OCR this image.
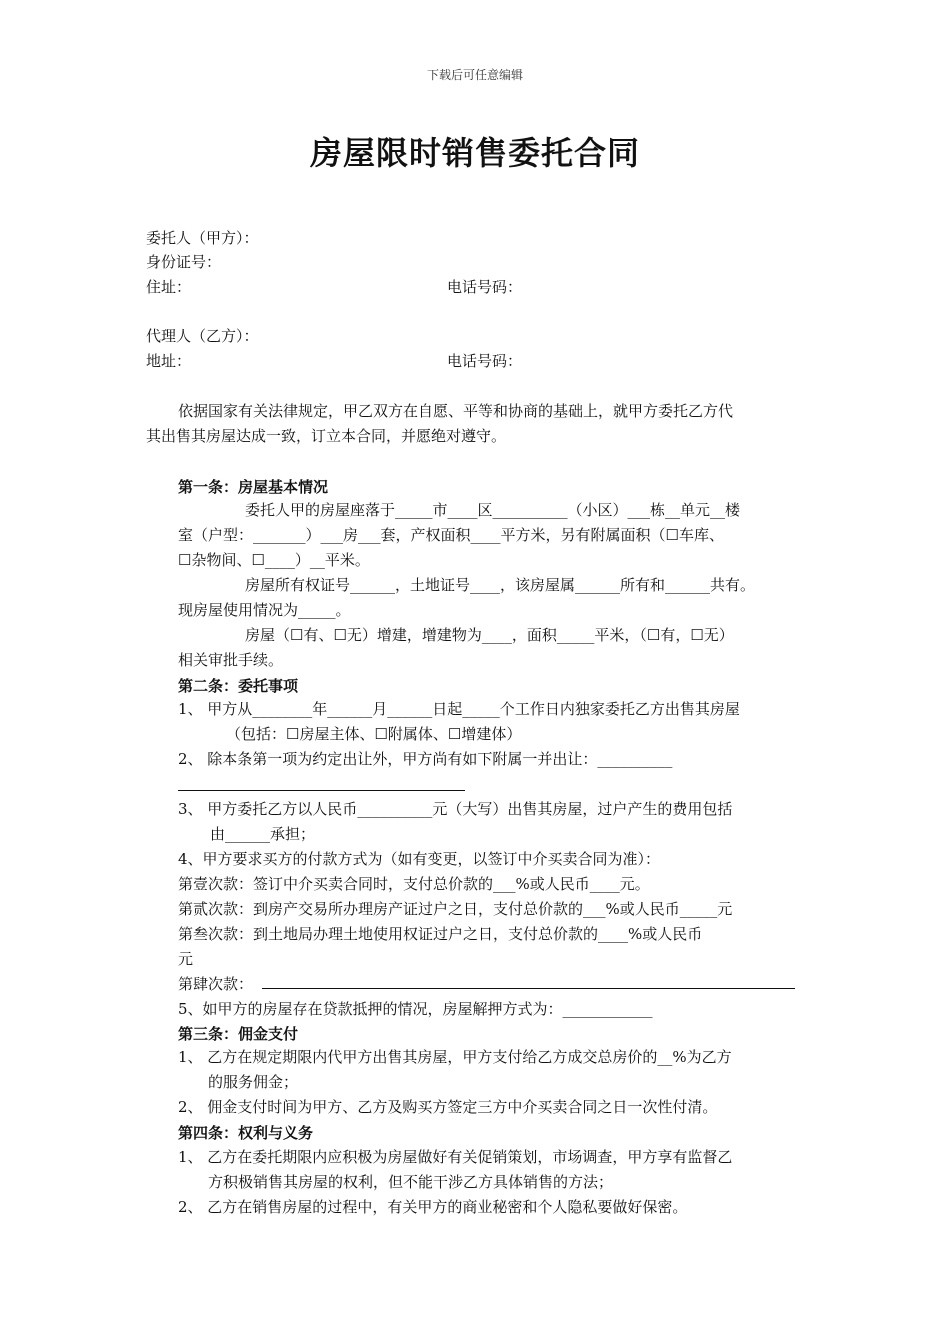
下载后可任意编辑
房屋限时销售委托合同
委托人（甲方）：
身份证号：
住址：	电话号码：
代理人（乙方）：
地址：	电话号码：
依据国家有关法律规定，甲乙双方在自愿、平等和协商的基础上，就甲方委托乙方代
其出售其房屋达成一致，订立本合同，并愿绝对遵守。
第一条：房屋基本情况
委托人甲的房屋座落于_____市____区__________（小区）___栋__单元__楼
室（户型：_______）___房___套，产权面积____平方米，另有附属面积（☐车库、
☐杂物间、☐____）__平米。
房屋所有权证号______，土地证号____，该房屋属______所有和______共有。
现房屋使用情况为_____。
房屋（☐有、☐无）增建，增建物为____，面积_____平米，（☐有，☐无）
相关审批手续。
第二条：委托事项
1、 甲方从________年______月______日起_____个工作日内独家委托乙方出售其房屋
（包括：☐房屋主体、☐附属体、☐增建体）
2、 除本条第一项为约定出让外，甲方尚有如下附属一并出让：__________
3、 甲方委托乙方以人民币__________元（大写）出售其房屋，过户产生的费用包括
由______承担；
4、甲方要求买方的付款方式为（如有变更，以签订中介买卖合同为准）：
第壹次款：签订中介买卖合同时，支付总价款的___%或人民币____元。
第贰次款：到房产交易所办理房产证过户之日，支付总价款的___%或人民币_____元
第叁次款：到土地局办理土地使用权证过户之日，支付总价款的____%或人民币
元
第肆次款：
5、如甲方的房屋存在贷款抵押的情况，房屋解押方式为：____________
第三条：佣金支付
1、 乙方在规定期限内代甲方出售其房屋，甲方支付给乙方成交总房价的__%为乙方
的服务佣金；
2、 佣金支付时间为甲方、乙方及购买方签定三方中介买卖合同之日一次性付清。
第四条：权利与义务
1、 乙方在委托期限内应积极为房屋做好有关促销策划，市场调查，甲方享有监督乙
方积极销售其房屋的权利，但不能干涉乙方具体销售的方法；
2、 乙方在销售房屋的过程中，有关甲方的商业秘密和个人隐私要做好保密。
